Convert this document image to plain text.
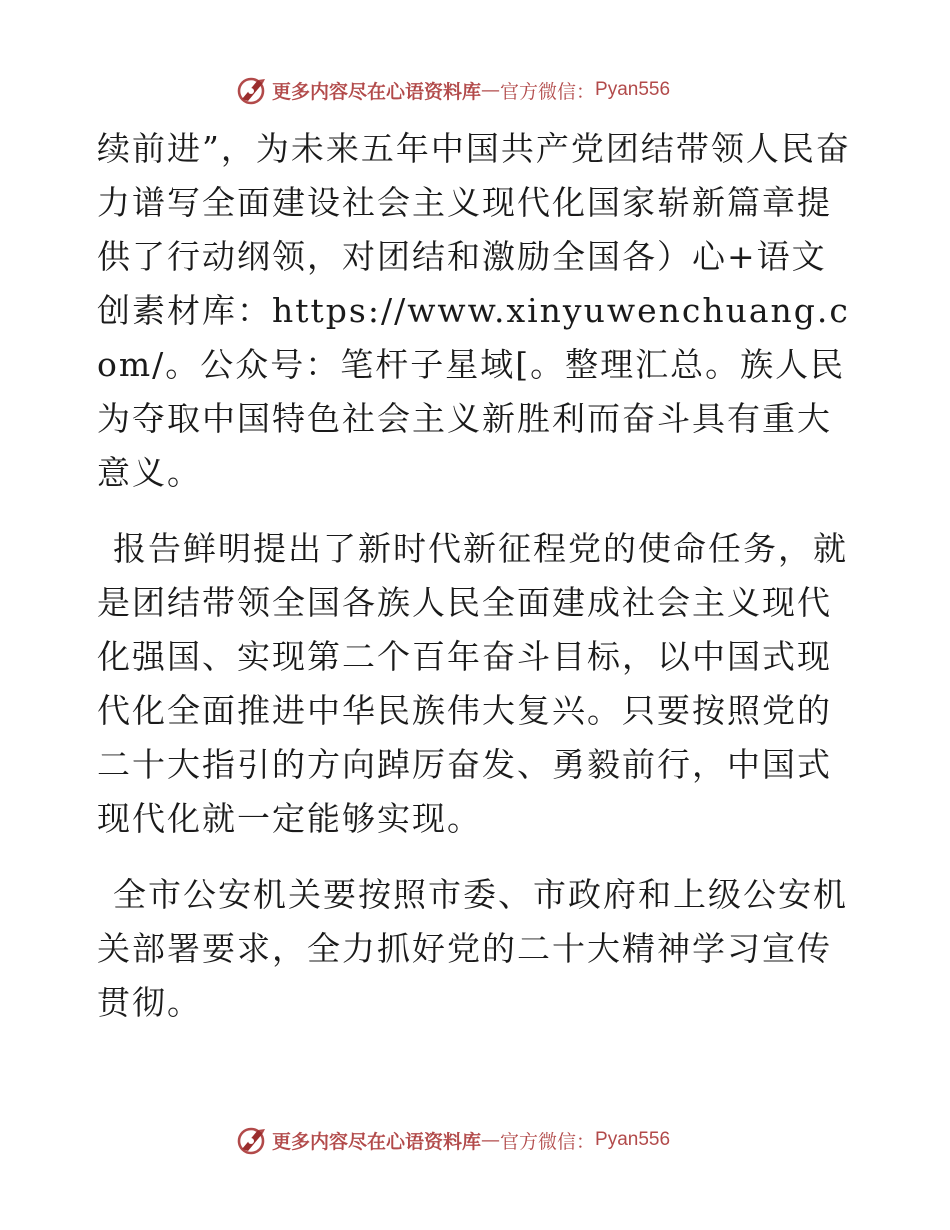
更多内容尽在心语资料库 — 官方微信： Pyan556

续前进”，为未来五年中国共产党团结带领人民奋力谱写全面建设社会主义现代化国家崭新篇章提供了行动纲领，对团结和激励全国各）心+语文创素材库：https://www.xinyuwenchuang.com/。公众号：笔杆子星域[。整理汇总。族人民为夺取中国特色社会主义新胜利而奋斗具有重大意义。

报告鲜明提出了新时代新征程党的使命任务，就是团结带领全国各族人民全面建成社会主义现代化强国、实现第二个百年奋斗目标，以中国式现代化全面推进中华民族伟大复兴。只要按照党的二十大指引的方向踔厉奋发、勇毅前行，中国式现代化就一定能够实现。

全市公安机关要按照市委、市政府和上级公安机关部署要求，全力抓好党的二十大精神学习宣传贯彻。

更多内容尽在心语资料库 — 官方微信： Pyan556
